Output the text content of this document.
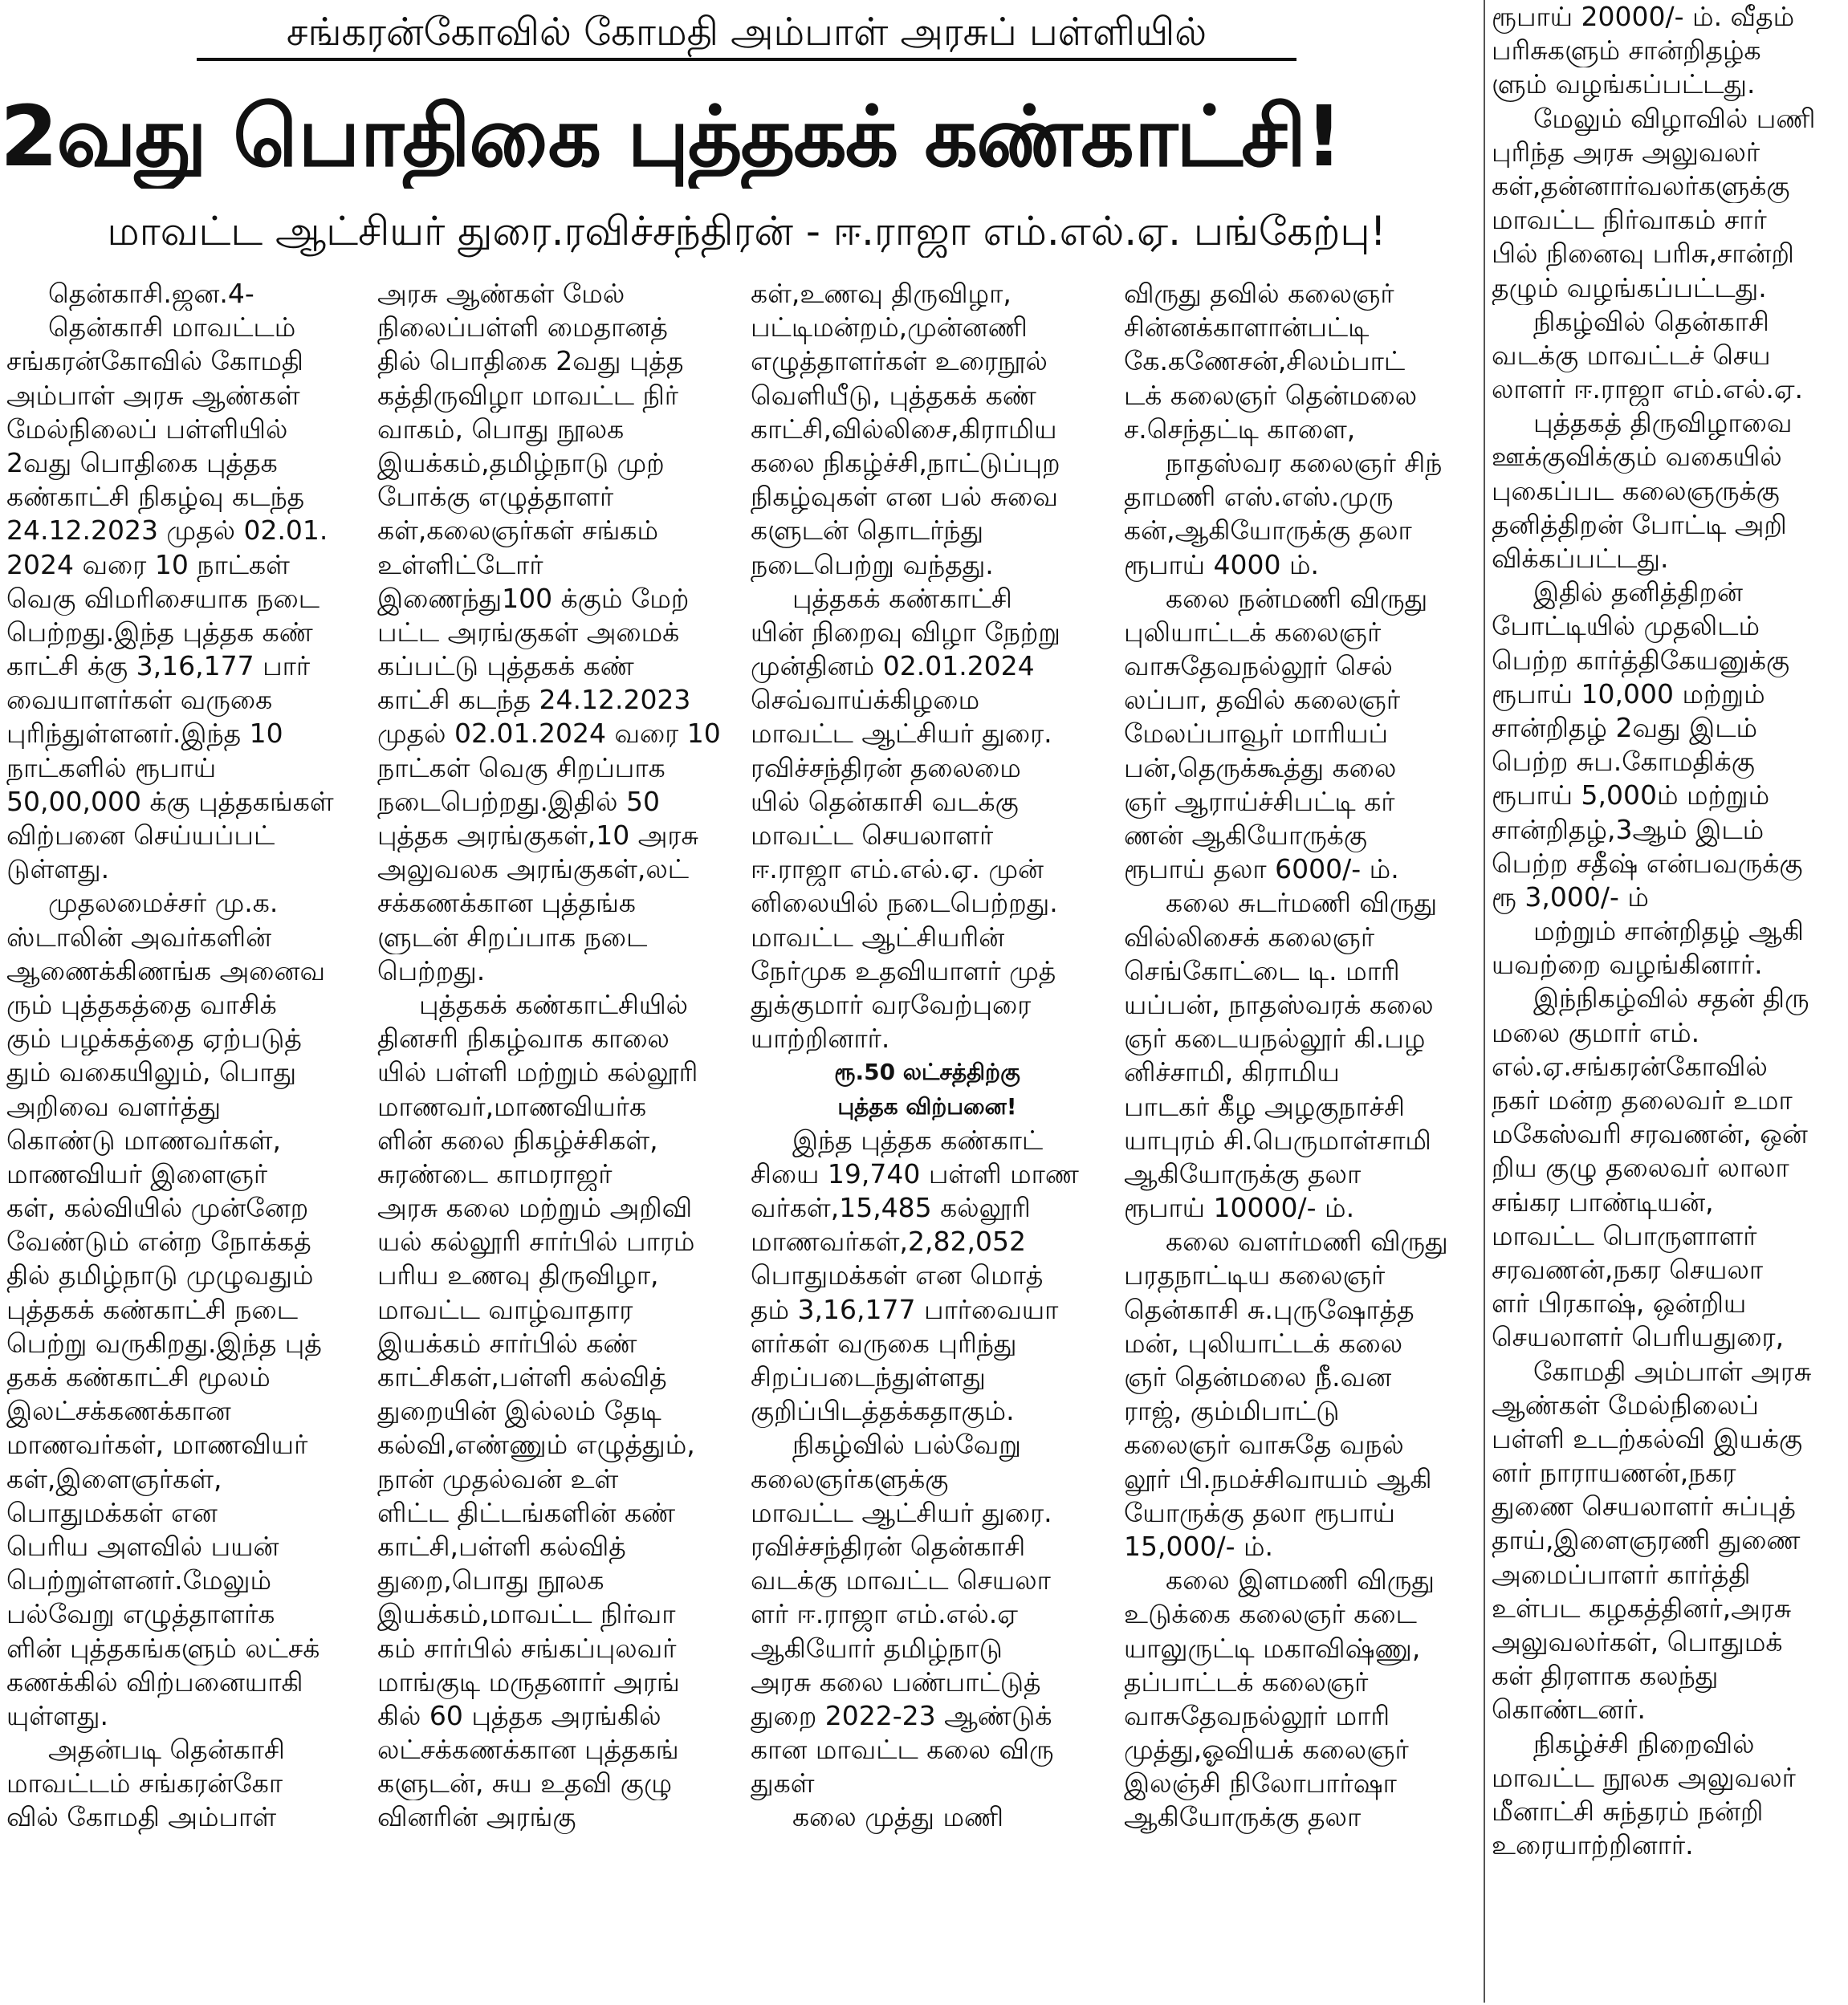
சங்கரன்கோவில் கோமதி அம்பாள் அரசுப் பள்ளியில்
2வது பொதிகை புத்தகக் கண்காட்சி!
மாவட்ட ஆட்சியர் துரை.ரவிச்சந்திரன் - ஈ.ராஜா எம்.எல்.ஏ. பங்கேற்பு!
தென்காசி.ஜன.4-
தென்காசி மாவட்டம்
சங்கரன்கோவில் கோமதி
அம்பாள் அரசு ஆண்கள்
மேல்நிலைப் பள்ளியில்
2வது பொதிகை புத்தக
கண்காட்சி நிகழ்வு கடந்த
24.12.2023 முதல் 02.01.
2024 வரை 10 நாட்கள்
வெகு விமரிசையாக நடை
பெற்றது.இந்த புத்தக கண்
காட்சி க்கு 3,16,177 பார்
வையாளர்கள் வருகை
புரிந்துள்ளனர்.இந்த 10
நாட்களில் ரூபாய்
50,00,000 க்கு புத்தகங்கள்
விற்பனை செய்யப்பட்
டுள்ளது.
முதலமைச்சர் மு.க.
ஸ்டாலின் அவர்களின்
ஆணைக்கிணங்க அனைவ
ரும் புத்தகத்தை வாசிக்
கும் பழக்கத்தை ஏற்படுத்
தும் வகையிலும், பொது
அறிவை வளர்த்து
கொண்டு மாணவர்கள்,
மாணவியர் இளைஞர்
கள், கல்வியில் முன்னேற
வேண்டும் என்ற நோக்கத்
தில் தமிழ்நாடு முழுவதும்
புத்தகக் கண்காட்சி நடை
பெற்று வருகிறது.இந்த புத்
தகக் கண்காட்சி மூலம்
இலட்சக்கணக்கான
மாணவர்கள், மாணவியர்
கள்,இளைஞர்கள்,
பொதுமக்கள் என
பெரிய அளவில் பயன்
பெற்றுள்ளனர்.மேலும்
பல்வேறு எழுத்தாளர்க
ளின் புத்தகங்களும் லட்சக்
கணக்கில் விற்பனையாகி
யுள்ளது.
அதன்படி தென்காசி
மாவட்டம் சங்கரன்கோ
வில் கோமதி அம்பாள்
அரசு ஆண்கள் மேல்
நிலைப்பள்ளி மைதானத்
தில் பொதிகை 2வது புத்த
கத்திருவிழா மாவட்ட நிர்
வாகம், பொது நூலக
இயக்கம்,தமிழ்நாடு முற்
போக்கு எழுத்தாளர்
கள்,கலைஞர்கள் சங்கம்
உள்ளிட்டோர்
இணைந்து100 க்கும் மேற்
பட்ட அரங்குகள் அமைக்
கப்பட்டு புத்தகக் கண்
காட்சி கடந்த 24.12.2023
முதல் 02.01.2024 வரை 10
நாட்கள் வெகு சிறப்பாக
நடைபெற்றது.இதில் 50
புத்தக அரங்குகள்,10 அரசு
அலுவலக அரங்குகள்,லட்
சக்கணக்கான புத்தங்க
ளுடன் சிறப்பாக நடை
பெற்றது.
புத்தகக் கண்காட்சியில்
தினசரி நிகழ்வாக காலை
யில் பள்ளி மற்றும் கல்லூரி
மாணவர்,மாணவியர்க
ளின் கலை நிகழ்ச்சிகள்,
சுரண்டை காமராஜர்
அரசு கலை மற்றும் அறிவி
யல் கல்லூரி சார்பில் பாரம்
பரிய உணவு திருவிழா,
மாவட்ட வாழ்வாதார
இயக்கம் சார்பில் கண்
காட்சிகள்,பள்ளி கல்வித்
துறையின் இல்லம் தேடி
கல்வி,எண்ணும் எழுத்தும்,
நான் முதல்வன் உள்
ளிட்ட திட்டங்களின் கண்
காட்சி,பள்ளி கல்வித்
துறை,பொது நூலக
இயக்கம்,மாவட்ட நிர்வா
கம் சார்பில் சங்கப்புலவர்
மாங்குடி மருதனார் அரங்
கில் 60 புத்தக அரங்கில்
லட்சக்கணக்கான புத்தகங்
களுடன், சுய உதவி குழு
வினரின் அரங்கு
கள்,உணவு திருவிழா,
பட்டிமன்றம்,முன்னணி
எழுத்தாளர்கள் உரைநூல்
வெளியீடு, புத்தகக் கண்
காட்சி,வில்லிசை,கிராமிய
கலை நிகழ்ச்சி,நாட்டுப்புற
நிகழ்வுகள் என பல் சுவை
களுடன் தொடர்ந்து
நடைபெற்று வந்தது.
புத்தகக் கண்காட்சி
யின் நிறைவு விழா நேற்று
முன்தினம் 02.01.2024
செவ்வாய்க்கிழமை
மாவட்ட ஆட்சியர் துரை.
ரவிச்சந்திரன் தலைமை
யில் தென்காசி வடக்கு
மாவட்ட செயலாளர்
ஈ.ராஜா எம்.எல்.ஏ. முன்
னிலையில் நடைபெற்றது.
மாவட்ட ஆட்சியரின்
நேர்முக உதவியாளர் முத்
துக்குமார் வரவேற்புரை
யாற்றினார்.
ரூ.50 லட்சத்திற்கு
புத்தக விற்பனை!
இந்த புத்தக கண்காட்
சியை 19,740 பள்ளி மாண
வர்கள்,15,485 கல்லூரி
மாணவர்கள்,2,82,052
பொதுமக்கள் என மொத்
தம் 3,16,177 பார்வையா
ளர்கள் வருகை புரிந்து
சிறப்படைந்துள்ளது
குறிப்பிடத்தக்கதாகும்.
நிகழ்வில் பல்வேறு
கலைஞர்களுக்கு
மாவட்ட ஆட்சியர் துரை.
ரவிச்சந்திரன் தென்காசி
வடக்கு மாவட்ட செயலா
ளர் ஈ.ராஜா எம்.எல்.ஏ
ஆகியோர் தமிழ்நாடு
அரசு கலை பண்பாட்டுத்
துறை 2022-23 ஆண்டுக்
கான மாவட்ட கலை விரு
துகள்
கலை முத்து மணி
விருது தவில் கலைஞர்
சின்னக்காளான்பட்டி
கே.கணேசன்,சிலம்பாட்
டக் கலைஞர் தென்மலை
ச.செந்தட்டி காளை,
நாதஸ்வர கலைஞர் சிந்
தாமணி எஸ்.எஸ்.முரு
கன்,ஆகியோருக்கு தலா
ரூபாய் 4000 ம்.
கலை நன்மணி விருது
புலியாட்டக் கலைஞர்
வாசுதேவநல்லூர் செல்
லப்பா, தவில் கலைஞர்
மேலப்பாவூர் மாரியப்
பன்,தெருக்கூத்து கலை
ஞர் ஆராய்ச்சிபட்டி கர்
ணன் ஆகியோருக்கு
ரூபாய் தலா 6000/- ம்.
கலை சுடர்மணி விருது
வில்லிசைக் கலைஞர்
செங்கோட்டை டி. மாரி
யப்பன், நாதஸ்வரக் கலை
ஞர் கடையநல்லூர் கி.பழ
னிச்சாமி, கிராமிய
பாடகர் கீழ அழகுநாச்சி
யாபுரம் சி.பெருமாள்சாமி
ஆகியோருக்கு தலா
ரூபாய் 10000/- ம்.
கலை வளர்மணி விருது
பரதநாட்டிய கலைஞர்
தென்காசி சு.புருஷோத்த
மன், புலியாட்டக் கலை
ஞர் தென்மலை நீ.வன
ராஜ், கும்மிபாட்டு
கலைஞர் வாசுதே வநல்
லூர் பி.நமச்சிவாயம் ஆகி
யோருக்கு தலா ரூபாய்
15,000/- ம்.
கலை இளமணி விருது
உடுக்கை கலைஞர் கடை
யாலுருட்டி மகாவிஷ்ணு,
தப்பாட்டக் கலைஞர்
வாசுதேவநல்லூர் மாரி
முத்து,ஓவியக் கலைஞர்
இலஞ்சி நிலோபார்ஷா
ஆகியோருக்கு தலா
ரூபாய் 20000/- ம். வீதம்
பரிசுகளும் சான்றிதழ்க
ளும் வழங்கப்பட்டது.
மேலும் விழாவில் பணி
புரிந்த அரசு அலுவலர்
கள்,தன்னார்வலர்களுக்கு
மாவட்ட நிர்வாகம் சார்
பில் நினைவு பரிசு,சான்றி
தழும் வழங்கப்பட்டது.
நிகழ்வில் தென்காசி
வடக்கு மாவட்டச் செய
லாளர் ஈ.ராஜா எம்.எல்.ஏ.
புத்தகத் திருவிழாவை
ஊக்குவிக்கும் வகையில்
புகைப்பட கலைஞருக்கு
தனித்திறன் போட்டி அறி
விக்கப்பட்டது.
இதில் தனித்திறன்
போட்டியில் முதலிடம்
பெற்ற கார்த்திகேயனுக்கு
ரூபாய் 10,000 மற்றும்
சான்றிதழ் 2வது இடம்
பெற்ற சுப.கோமதிக்கு
ரூபாய் 5,000ம் மற்றும்
சான்றிதழ்,3ஆம் இடம்
பெற்ற சதீஷ் என்பவருக்கு
ரூ 3,000/- ம்
மற்றும் சான்றிதழ் ஆகி
யவற்றை வழங்கினார்.
இந்நிகழ்வில் சதன் திரு
மலை குமார் எம்.
எல்.ஏ.சங்கரன்கோவில்
நகர் மன்ற தலைவர் உமா
மகேஸ்வரி சரவணன், ஒன்
றிய குழு தலைவர் லாலா
சங்கர பாண்டியன்,
மாவட்ட பொருளாளர்
சரவணன்,நகர செயலா
ளர் பிரகாஷ், ஒன்றிய
செயலாளர் பெரியதுரை,
கோமதி அம்பாள் அரசு
ஆண்கள் மேல்நிலைப்
பள்ளி உடற்கல்வி இயக்கு
னர் நாராயணன்,நகர
துணை செயலாளர் சுப்புத்
தாய்,இளைஞரணி துணை
அமைப்பாளர் கார்த்தி
உள்பட கழகத்தினர்,அரசு
அலுவலர்கள், பொதுமக்
கள் திரளாக கலந்து
கொண்டனர்.
நிகழ்ச்சி நிறைவில்
மாவட்ட நூலக அலுவலர்
மீனாட்சி சுந்தரம் நன்றி
உரையாற்றினார்.
